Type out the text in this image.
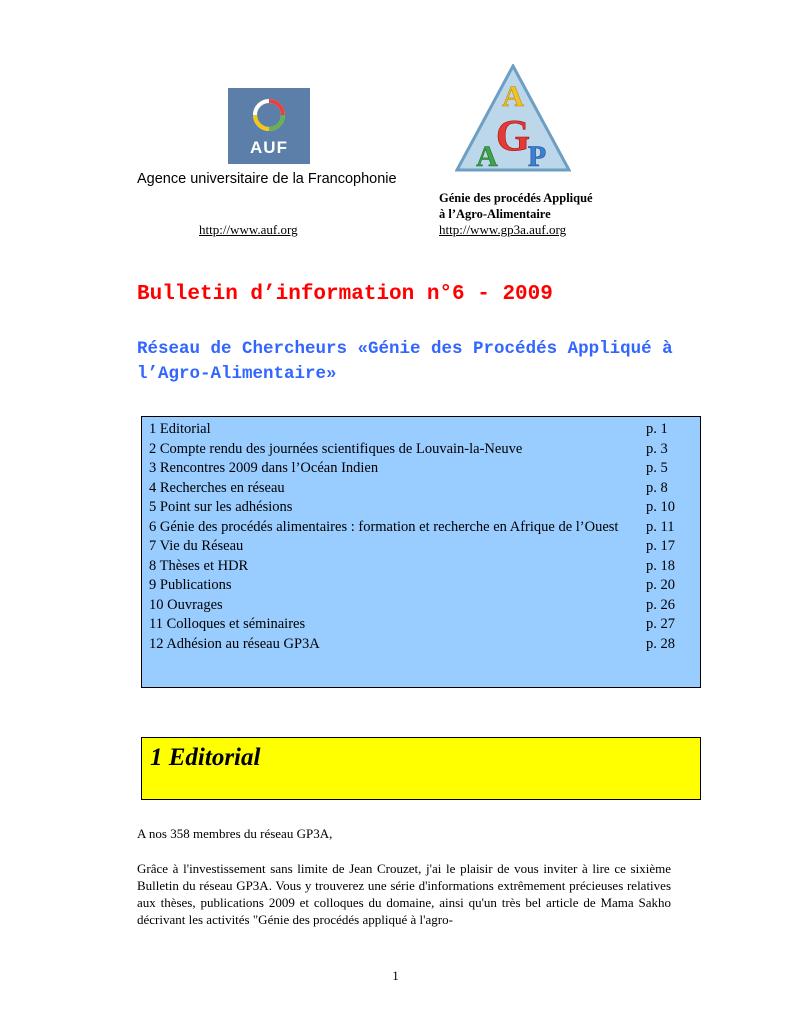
AUF
Agence universitaire de la Francophonie
http://www.auf.org
A
G
A P
Génie des procédés Appliqué
à l’Agro-Alimentaire
http://www.gp3a.auf.org
Bulletin d’information n°6 - 2009
Réseau de Chercheurs «Génie des Procédés Appliqué à l’Agro-Alimentaire»
1 Editorial	p. 1
2 Compte rendu des journées scientifiques de Louvain-la-Neuve	p. 3
3 Rencontres 2009 dans l’Océan Indien	p. 5
4 Recherches en réseau	p. 8
5 Point sur les adhésions	p. 10
6 Génie des procédés alimentaires : formation et recherche en Afrique de l’Ouest	p. 11
7 Vie du Réseau	p. 17
8 Thèses et HDR	p. 18
9 Publications	p. 20
10 Ouvrages	p. 26
11 Colloques et séminaires	p. 27
12 Adhésion au réseau GP3A	p. 28
1 Editorial
A nos 358 membres du réseau GP3A,
Grâce à l'investissement sans limite de Jean Crouzet, j'ai le plaisir de vous inviter à lire ce sixième Bulletin du réseau GP3A. Vous y trouverez une série d'informations extrêmement précieuses relatives aux thèses, publications 2009 et colloques du domaine, ainsi qu'un très bel article de Mama Sakho décrivant les activités "Génie des procédés appliqué à l'agro-
1
